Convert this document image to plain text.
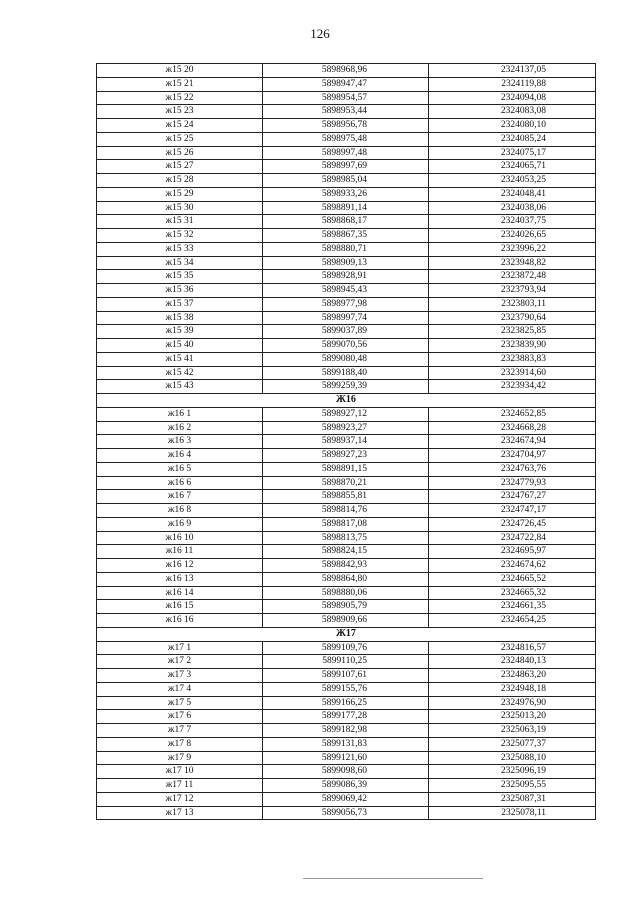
126
ж15 20	5898968,96	2324137,05
ж15 21	5898947,47	2324119,88
ж15 22	5898954,57	2324094,08
ж15 23	5898953,44	2324083,08
ж15 24	5898956,78	2324080,10
ж15 25	5898975,48	2324085,24
ж15 26	5898997,48	2324075,17
ж15 27	5898997,69	2324065,71
ж15 28	5898985,04	2324053,25
ж15 29	5898933,26	2324048,41
ж15 30	5898891,14	2324038,06
ж15 31	5898868,17	2324037,75
ж15 32	5898867,35	2324026,65
ж15 33	5898880,71	2323996,22
ж15 34	5898909,13	2323948,82
ж15 35	5898928,91	2323872,48
ж15 36	5898945,43	2323793,94
ж15 37	5898977,98	2323803,11
ж15 38	5898997,74	2323790,64
ж15 39	5899037,89	2323825,85
ж15 40	5899070,56	2323839,90
ж15 41	5899080,48	2323883,83
ж15 42	5899188,40	2323914,60
ж15 43	5899259,39	2323934,42
Ж16		
ж16 1	5898927,12	2324652,85
ж16 2	5898923,27	2324668,28
ж16 3	5898937,14	2324674,94
ж16 4	5898927,23	2324704,97
ж16 5	5898891,15	2324763,76
ж16 6	5898870,21	2324779,93
ж16 7	5898855,81	2324767,27
ж16 8	5898814,76	2324747,17
ж16 9	5898817,08	2324726,45
ж16 10	5898813,75	2324722,84
ж16 11	5898824,15	2324695,97
ж16 12	5898842,93	2324674,62
ж16 13	5898864,80	2324665,52
ж16 14	5898880,06	2324665,32
ж16 15	5898905,79	2324661,35
ж16 16	5898909,66	2324654,25
Ж17		
ж17 1	5899109,76	2324816,57
ж17 2	5899110,25	2324840,13
ж17 3	5899107,61	2324863,20
ж17 4	5899155,76	2324948,18
ж17 5	5899166,25	2324976,90
ж17 6	5899177,28	2325013,20
ж17 7	5899182,98	2325063,19
ж17 8	5899131,83	2325077,37
ж17 9	5899121,60	2325088,10
ж17 10	5899098,60	2325096,19
ж17 11	5899086,39	2325095,55
ж17 12	5899069,42	2325087,31
ж17 13	5899056,73	2325078,11
